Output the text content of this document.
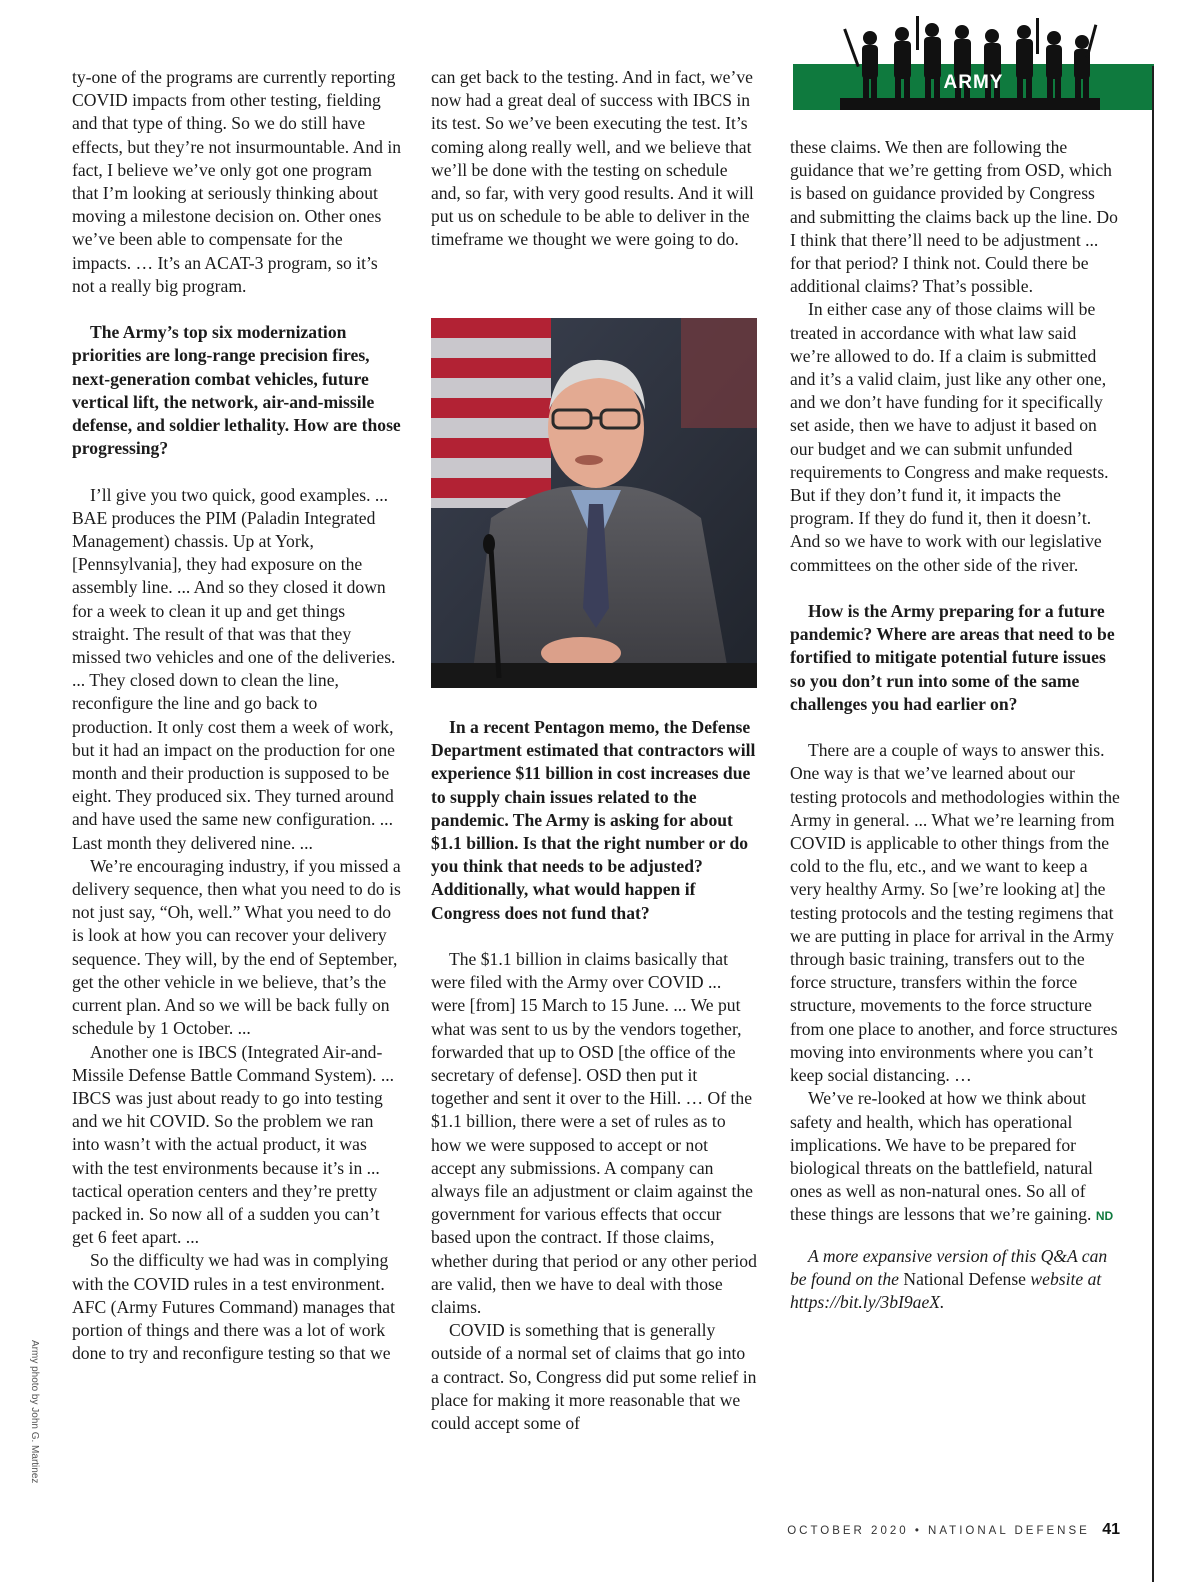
ARMY

ty-one of the programs are currently reporting COVID impacts from other testing, fielding and that type of thing. So we do still have effects, but they’re not insurmountable. And in fact, I believe we’ve only got one program that I’m looking at seriously thinking about moving a milestone decision on. Other ones we’ve been able to compensate for the impacts. … It’s an ACAT-3 program, so it’s not a really big program.

The Army’s top six modernization priorities are long-range precision fires, next-generation combat vehicles, future vertical lift, the network, air-and-missile defense, and soldier lethality. How are those progressing?

I’ll give you two quick, good examples. ... BAE produces the PIM (Paladin Integrated Management) chassis. Up at York, [Pennsylvania], they had exposure on the assembly line. ... And so they closed it down for a week to clean it up and get things straight. The result of that was that they missed two vehicles and one of the deliveries. ... They closed down to clean the line, reconfigure the line and go back to production. It only cost them a week of work, but it had an impact on the production for one month and their production is supposed to be eight. They produced six. They turned around and have used the same new configuration. ... Last month they delivered nine. ...

We’re encouraging industry, if you missed a delivery sequence, then what you need to do is not just say, “Oh, well.” What you need to do is look at how you can recover your delivery sequence. They will, by the end of September, get the other vehicle in we believe, that’s the current plan. And so we will be back fully on schedule by 1 October. ...

Another one is IBCS (Integrated Air-and-Missile Defense Battle Command System). ... IBCS was just about ready to go into testing and we hit COVID. So the problem we ran into wasn’t with the actual product, it was with the test environments because it’s in ... tactical operation centers and they’re pretty packed in. So now all of a sudden you can’t get 6 feet apart. ...

So the difficulty we had was in complying with the COVID rules in a test environment. AFC (Army Futures Command) manages that portion of things and there was a lot of work done to try and reconfigure testing so that we

can get back to the testing. And in fact, we’ve now had a great deal of success with IBCS in its test. So we’ve been executing the test. It’s coming along really well, and we believe that we’ll be done with the testing on schedule and, so far, with very good results. And it will put us on schedule to be able to deliver in the timeframe we thought we were going to do.

In a recent Pentagon memo, the Defense Department estimated that contractors will experience $11 billion in cost increases due to supply chain issues related to the pandemic. The Army is asking for about $1.1 billion. Is that the right number or do you think that needs to be adjusted? Additionally, what would happen if Congress does not fund that?

The $1.1 billion in claims basically that were filed with the Army over COVID ... were [from] 15 March to 15 June. ... We put what was sent to us by the vendors together, forwarded that up to OSD [the office of the secretary of defense]. OSD then put it together and sent it over to the Hill. … Of the $1.1 billion, there were a set of rules as to how we were supposed to accept or not accept any submissions. A company can always file an adjustment or claim against the government for various effects that occur based upon the contract. If those claims, whether during that period or any other period are valid, then we have to deal with those claims.

COVID is something that is generally outside of a normal set of claims that go into a contract. So, Congress did put some relief in place for making it more reasonable that we could accept some of

these claims. We then are following the guidance that we’re getting from OSD, which is based on guidance provided by Congress and submitting the claims back up the line. Do I think that there’ll need to be adjustment ... for that period? I think not. Could there be additional claims? That’s possible.

In either case any of those claims will be treated in accordance with what law said we’re allowed to do. If a claim is submitted and it’s a valid claim, just like any other one, and we don’t have funding for it specifically set aside, then we have to adjust it based on our budget and we can submit unfunded requirements to Congress and make requests. But if they don’t fund it, it impacts the program. If they do fund it, then it doesn’t. And so we have to work with our legislative committees on the other side of the river.

How is the Army preparing for a future pandemic? Where are areas that need to be fortified to mitigate potential future issues so you don’t run into some of the same challenges you had earlier on?

There are a couple of ways to answer this. One way is that we’ve learned about our testing protocols and methodologies within the Army in general. ... What we’re learning from COVID is applicable to other things from the cold to the flu, etc., and we want to keep a very healthy Army. So [we’re looking at] the testing protocols and the testing regimens that we are putting in place for arrival in the Army through basic training, transfers out to the force structure, transfers within the force structure, movements to the force structure from one place to another, and force structures moving into environments where you can’t keep social distancing. …

We’ve re-looked at how we think about safety and health, which has operational implications. We have to be prepared for biological threats on the battlefield, natural ones as well as non-natural ones. So all of these things are lessons that we’re gaining. ND

A more expansive version of this Q&A can be found on the National Defense website at https://bit.ly/3bI9aeX.

Army photo by John G. Martinez
OCTOBER 2020 • NATIONAL DEFENSE 41
